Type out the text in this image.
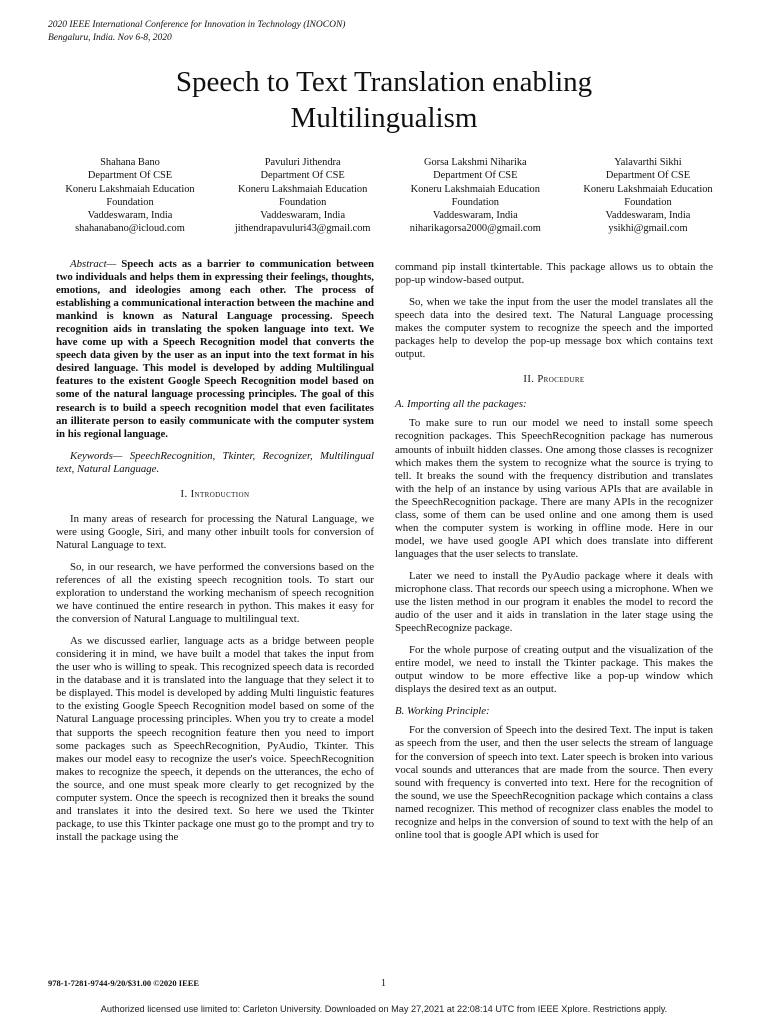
2020 IEEE International Conference for Innovation in Technology (INOCON)
Bengaluru, India. Nov 6-8, 2020
Speech to Text Translation enabling
Multilingualism
Shahana Bano
Department Of CSE
Koneru Lakshmaiah Education
Foundation
Vaddeswaram, India
shahanabano@icloud.com
Pavuluri Jithendra
Department Of CSE
Koneru Lakshmaiah Education
Foundation
Vaddeswaram, India
jithendrapavuluri43@gmail.com
Gorsa Lakshmi Niharika
Department Of CSE
Koneru Lakshmaiah Education
Foundation
Vaddeswaram, India
niharikagorsa2000@gmail.com
Yalavarthi Sikhi
Department Of CSE
Koneru Lakshmaiah Education
Foundation
Vaddeswaram, India
ysikhi@gmail.com

Abstract— Speech acts as a barrier to communication between two individuals and helps them in expressing their feelings, thoughts, emotions, and ideologies among each other. The process of establishing a communicational interaction between the machine and mankind is known as Natural Language processing. Speech recognition aids in translating the spoken language into text. We have come up with a Speech Recognition model that converts the speech data given by the user as an input into the text format in his desired language. This model is developed by adding Multilingual features to the existent Google Speech Recognition model based on some of the natural language processing principles. The goal of this research is to build a speech recognition model that even facilitates an illiterate person to easily communicate with the computer system in his regional language.

Keywords— SpeechRecognition, Tkinter, Recognizer, Multilingual text, Natural Language.

I. Introduction

In many areas of research for processing the Natural Language, we were using Google, Siri, and many other inbuilt tools for conversion of Natural Language to text.

So, in our research, we have performed the conversions based on the references of all the existing speech recognition tools. To start our exploration to understand the working mechanism of speech recognition we have continued the entire research in python. This makes it easy for the conversion of Natural Language to multilingual text.

As we discussed earlier, language acts as a bridge between people considering it in mind, we have built a model that takes the input from the user who is willing to speak. This recognized speech data is recorded in the database and it is translated into the language that they select it to be displayed. This model is developed by adding Multi linguistic features to the existing Google Speech Recognition model based on some of the Natural Language processing principles. When you try to create a model that supports the speech recognition feature then you need to import some packages such as SpeechRecognition, PyAudio, Tkinter. This makes our model easy to recognize the user's voice. SpeechRecognition makes to recognize the speech, it depends on the utterances, the echo of the source, and one must speak more clearly to get recognized by the computer system. Once the speech is recognized then it breaks the sound and translates it into the desired text. So here we used the Tkinter package, to use this Tkinter package one must go to the prompt and try to install the package using the

command pip install tkintertable. This package allows us to obtain the pop-up window-based output.

So, when we take the input from the user the model translates all the speech data into the desired text. The Natural Language processing makes the computer system to recognize the speech and the imported packages help to develop the pop-up message box which contains text output.

II. Procedure
A. Importing all the packages:

To make sure to run our model we need to install some speech recognition packages. This SpeechRecognition package has numerous amounts of inbuilt hidden classes. One among those classes is recognizer which makes them the system to recognize what the source is trying to tell. It breaks the sound with the frequency distribution and translates with the help of an instance by using various APIs that are available in the SpeechRecognition package. There are many APIs in the recognizer class, some of them can be used online and one among them is used when the computer system is working in offline mode. Here in our model, we have used google API which does translate into different languages that the user selects to translate.

Later we need to install the PyAudio package where it deals with microphone class. That records our speech using a microphone. When we use the listen method in our program it enables the model to record the audio of the user and it aids in translation in the later stage using the SpeechRecognize package.

For the whole purpose of creating output and the visualization of the entire model, we need to install the Tkinter package. This makes the output window to be more effective like a pop-up window which displays the desired text as an output.

B. Working Principle:

For the conversion of Speech into the desired Text. The input is taken as speech from the user, and then the user selects the stream of language for the conversion of speech into text. Later speech is broken into various vocal sounds and utterances that are made from the source. Then every sound with frequency is converted into text. Here for the recognition of the sound, we use the SpeechRecognition package which contains a class named recognizer. This method of recognizer class enables the model to recognize and helps in the conversion of sound to text with the help of an online tool that is google API which is used for

978-1-7281-9744-9/20/$31.00 ©2020 IEEE	1
Authorized licensed use limited to: Carleton University. Downloaded on May 27,2021 at 22:08:14 UTC from IEEE Xplore. Restrictions apply.
